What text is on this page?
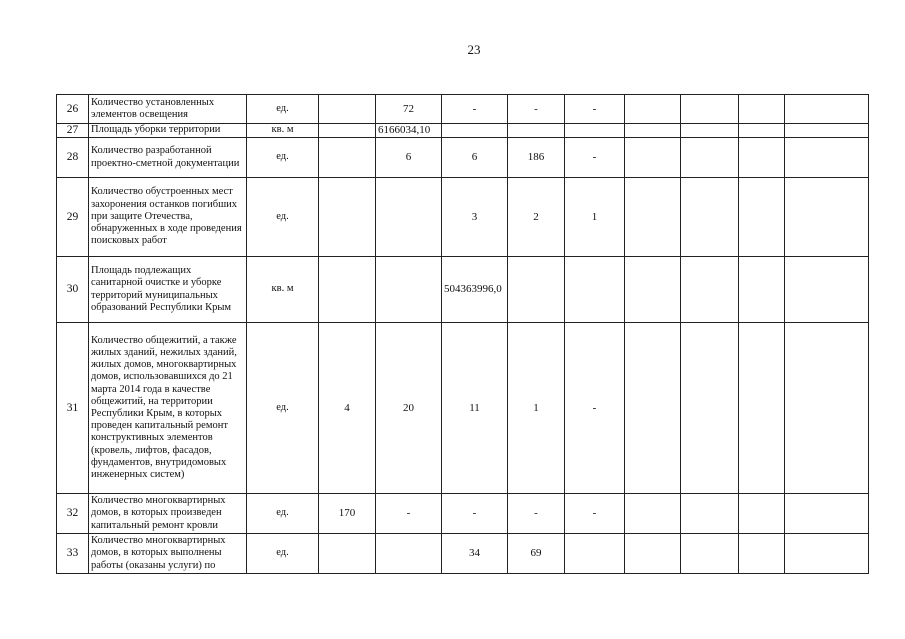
23
26	Количество установленных элементов освещения	ед.		72	-	-	-				
27	Площадь уборки территории	кв. м		6166034,10							
28	Количество разработанной проектно-сметной документации	ед.		6	6	186	-				
29	Количество обустроенных мест захоронения останков погибших при защите Отечества, обнаруженных в ходе проведения поисковых работ	ед.			3	2	1				
30	Площадь подлежащих санитарной очистке и уборке территорий муниципальных образований Республики Крым	кв. м			504363996,0						
31	Количество общежитий, а также жилых зданий, нежилых зданий, жилых домов, многоквартирных домов, использовавшихся до 21 марта 2014 года в качестве общежитий, на территории Республики Крым, в которых проведен капитальный ремонт конструктивных элементов (кровель, лифтов, фасадов, фундаментов, внутридомовых инженерных систем)	ед.	4	20	11	1	-				
32	Количество многоквартирных домов, в которых произведен капитальный ремонт кровли	ед.	170	-	-	-	-				
33	Количество многоквартирных домов, в которых выполнены работы (оказаны услуги) по	ед.			34	69					
